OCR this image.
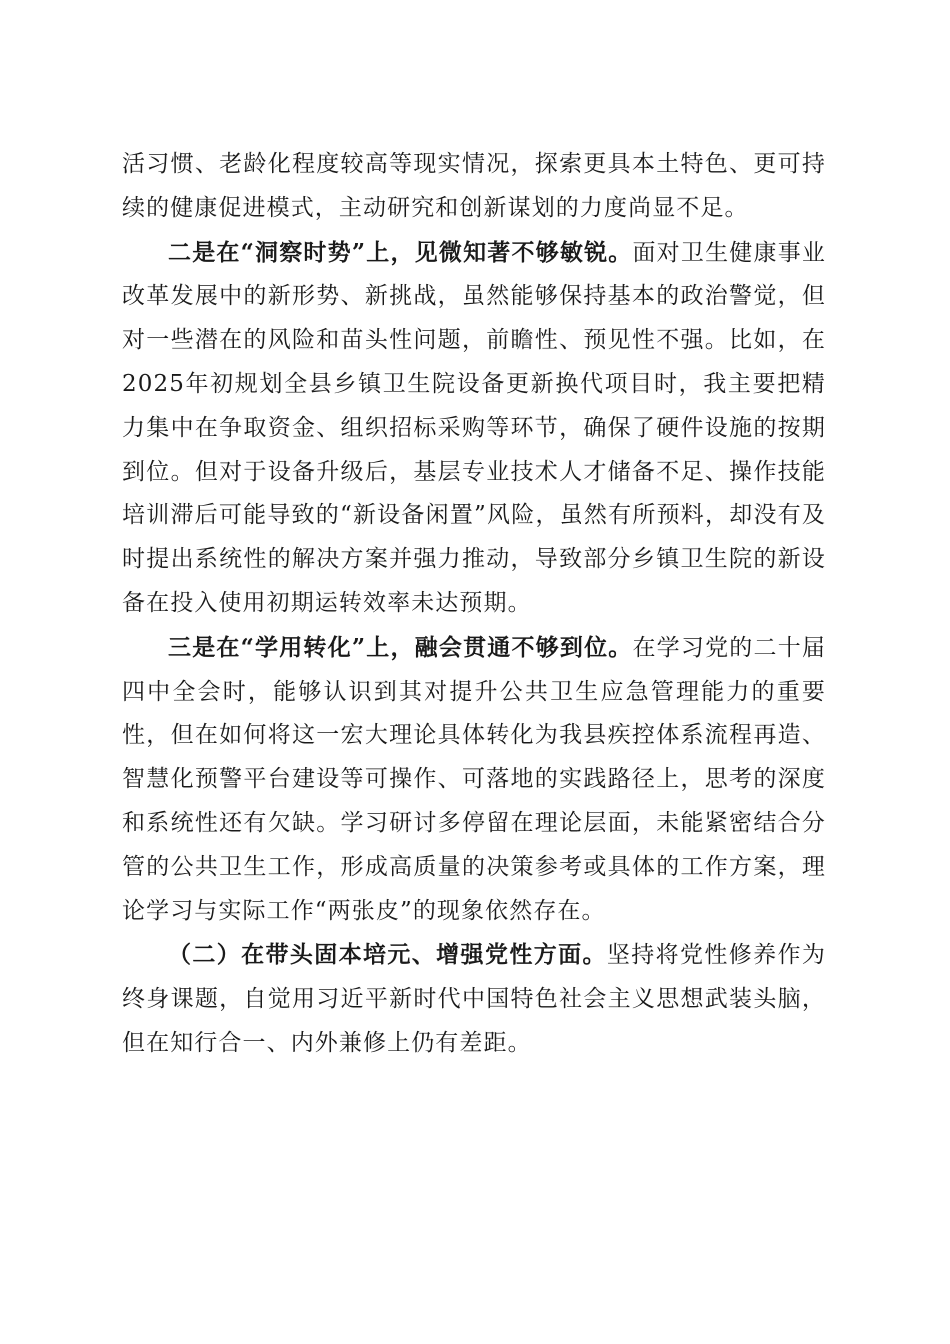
活习惯、老龄化程度较高等现实情况，探索更具本土特色、更可持续的健康促进模式，主动研究和创新谋划的力度尚显不足。

二是在“洞察时势”上，见微知著不够敏锐。面对卫生健康事业改革发展中的新形势、新挑战，虽然能够保持基本的政治警觉，但对一些潜在的风险和苗头性问题，前瞻性、预见性不强。比如，在2025年初规划全县乡镇卫生院设备更新换代项目时，我主要把精力集中在争取资金、组织招标采购等环节，确保了硬件设施的按期到位。但对于设备升级后，基层专业技术人才储备不足、操作技能培训滞后可能导致的“新设备闲置”风险，虽然有所预料，却没有及时提出系统性的解决方案并强力推动，导致部分乡镇卫生院的新设备在投入使用初期运转效率未达预期。

三是在“学用转化”上，融会贯通不够到位。在学习党的二十届四中全会时，能够认识到其对提升公共卫生应急管理能力的重要性，但在如何将这一宏大理论具体转化为我县疾控体系流程再造、智慧化预警平台建设等可操作、可落地的实践路径上，思考的深度和系统性还有欠缺。学习研讨多停留在理论层面，未能紧密结合分管的公共卫生工作，形成高质量的决策参考或具体的工作方案，理论学习与实际工作“两张皮”的现象依然存在。

（二）在带头固本培元、增强党性方面。坚持将党性修养作为终身课题，自觉用习近平新时代中国特色社会主义思想武装头脑，但在知行合一、内外兼修上仍有差距。
